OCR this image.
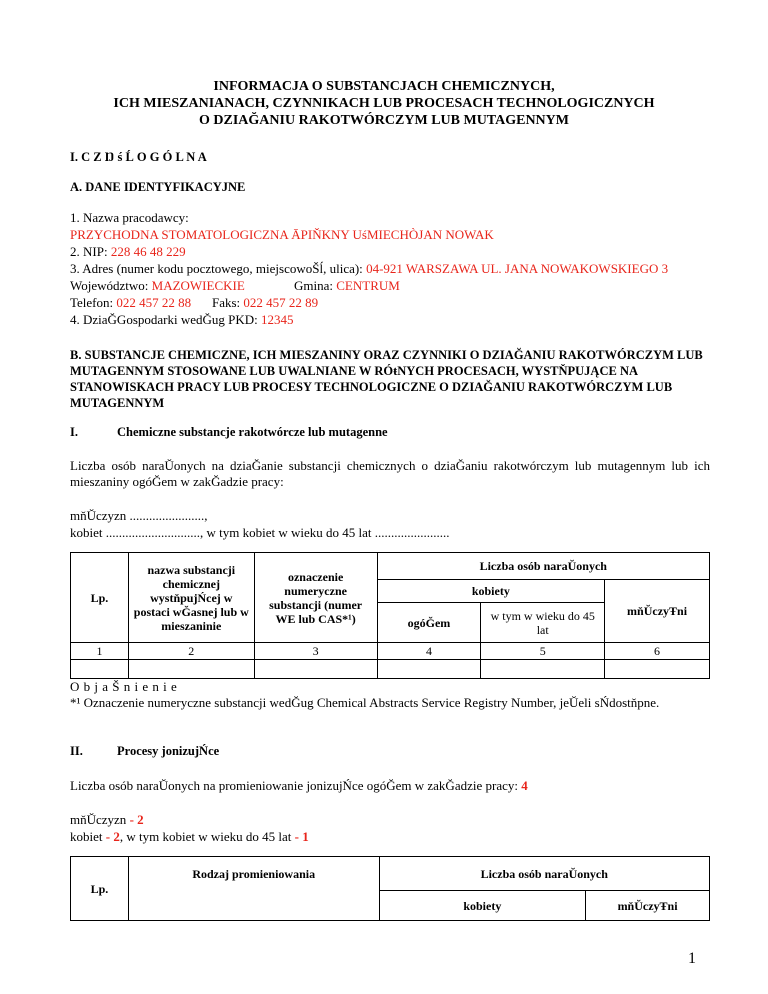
INFORMACJA O SUBSTANCJACH CHEMICZNYCH,
ICH MIESZANIANACH, CZYNNIKACH LUB PROCESACH TECHNOLOGICZNYCH
O DZIAĞANIU RAKOTWÓRCZYM LUB MUTAGENNYM
I. C Z Ŋ ś Ĺ O G Ó L N A
A. DANE IDENTYFIKACYJNE
1. Nazwa pracodawcy:
PRZYCHODNA STOMATOLOGICZNA ĀPIŇKNY UśMIECHÒJAN NOWAK
2. NIP: 228 46 48 229
3. Adres (numer kodu pocztowego, miejscowoŠĺ, ulica): 04-921 WARSZAWA UL. JANA NOWAKOWSKIEGO 3
Województwo: MAZOWIECKIE	Gmina: CENTRUM
Telefon: 022 457 22 88 Faks: 022 457 22 89
4. DziaĞGospodarki wedĞug PKD: 12345
B. SUBSTANCJE CHEMICZNE, ICH MIESZANINY ORAZ CZYNNIKI O DZIAĞANIU RAKOTWÓRCZYM LUB MUTAGENNYM STOSOWANE LUB UWALNIANE W RÓŧNYCH PROCESACH, WYSTŇPUJĄCE NA STANOWISKACH PRACY LUB PROCESY TECHNOLOGICZNE O DZIAĞANIU RAKOTWÓRCZYM LUB MUTAGENNYM
I.	Chemiczne substancje rakotwórcze lub mutagenne
Liczba osób naraŬonych na dziaĞanie substancji chemicznych o dziaĞaniu rakotwórczym lub mutagennym lub ich mieszaniny ogóĞem w zakĞadzie pracy:
mňŬczyzn .......................,
kobiet ............................., w tym kobiet w wieku do 45 lat .......................
Lp.	nazwa substancji chemicznej wystňpujŃcej w postaci wĞasnej lub w mieszaninie	oznaczenie numeryczne substancji (numer WE lub CAS*¹)	Liczba osób naraŬonych		
			kobiety		mňŬczyŦni
			ogóĞem	w tym w wieku do 45 lat	
1	2	3	4	5	6

O b j a Š n i e n i e
*¹ Oznaczenie numeryczne substancji wedĞug Chemical Abstracts Service Registry Number, jeŬeli sŃdostňpne.
II.	Procesy jonizujŃce
Liczba osób naraŬonych na promieniowanie jonizujŃce ogóĞem w zakĞadzie pracy: 4
mňŬczyzn - 2
kobiet - 2, w tym kobiet w wieku do 45 lat - 1
Lp.	Rodzaj promieniowania	Liczba osób naraŬonych	
		kobiety	mňŬczyŦni
1
